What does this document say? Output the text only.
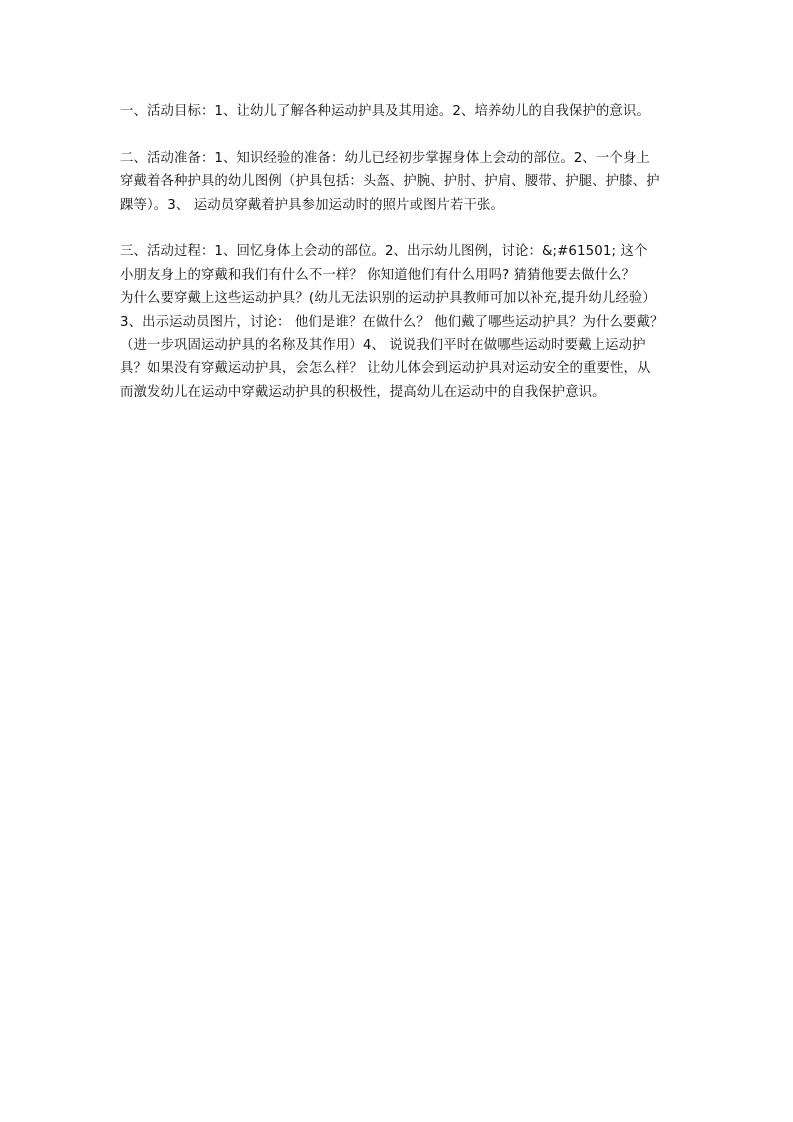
一、活动目标：1、让幼儿了解各种运动护具及其用途。2、培养幼儿的自我保护的意识。

二、活动准备：1、知识经验的准备：幼儿已经初步掌握身体上会动的部位。2、一个身上
穿戴着各种护具的幼儿图例（护具包括：头盔、护腕、护肘、护肩、腰带、护腿、护膝、护
踝等）。3、 运动员穿戴着护具参加运动时的照片或图片若干张。

三、活动过程：1、回忆身体上会动的部位。2、出示幼儿图例，讨论：&;#61501; 这个
小朋友身上的穿戴和我们有什么不一样？ 你知道他们有什么用吗? 猜猜他要去做什么？
为什么要穿戴上这些运动护具？(幼儿无法识别的运动护具教师可加以补充,提升幼儿经验）
3、出示运动员图片，讨论： 他们是谁？在做什么？ 他们戴了哪些运动护具？为什么要戴？
（进一步巩固运动护具的名称及其作用）4、 说说我们平时在做哪些运动时要戴上运动护
具？如果没有穿戴运动护具，会怎么样？ 让幼儿体会到运动护具对运动安全的重要性，从
而激发幼儿在运动中穿戴运动护具的积极性，提高幼儿在运动中的自我保护意识。
